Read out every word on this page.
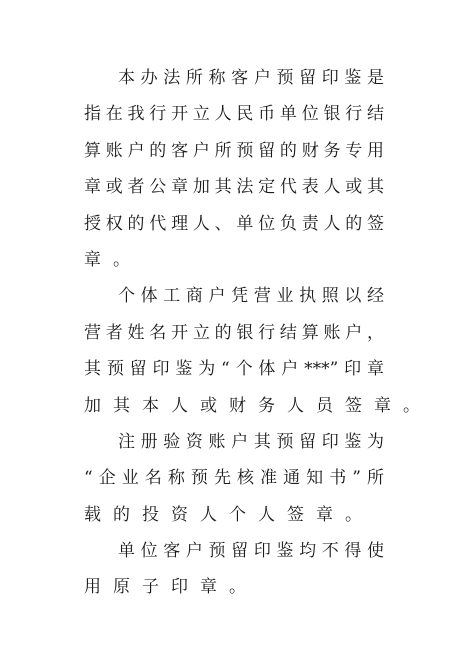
本办法所称客户预留印鉴是

指在我行开立人民币单位银行结

算账户的客户所预留的财务专用

章或者公章加其法定代表人或其

授权的代理人、单位负责人的签

章。

个体工商户凭营业执照以经

营者姓名开立的银行结算账户，

其预留印鉴为“个体户***”印章

加其本人或财务人员签章。

注册验资账户其预留印鉴为

“企业名称预先核准通知书”所

载的投资人个人签章。

单位客户预留印鉴均不得使

用原子印章。
